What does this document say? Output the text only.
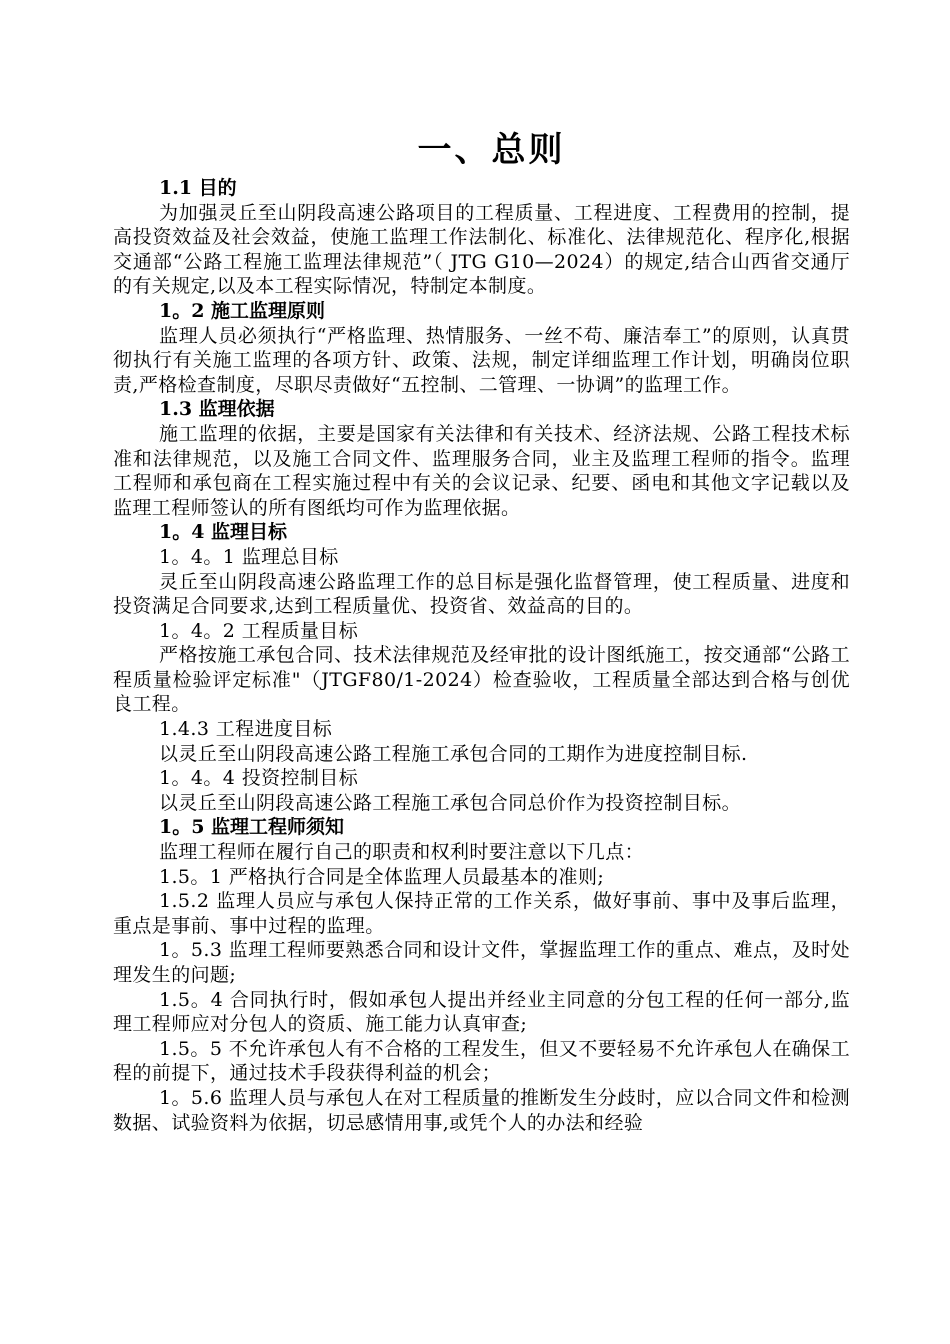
一、总则
1.1 目的
为加强灵丘至山阴段高速公路项目的工程质量、工程进度、工程费用的控制，提高投资效益及社会效益，使施工监理工作法制化、标准化、法律规范化、程序化,根据交通部“公路工程施工监理法律规范”（ JTG G10—2024）的规定,结合山西省交通厅的有关规定,以及本工程实际情况，特制定本制度。
1。2 施工监理原则
监理人员必须执行“严格监理、热情服务、一丝不苟、廉洁奉工”的原则，认真贯彻执行有关施工监理的各项方针、政策、法规，制定详细监理工作计划，明确岗位职责,严格检查制度，尽职尽责做好“五控制、二管理、一协调”的监理工作。
1.3 监理依据
施工监理的依据，主要是国家有关法律和有关技术、经济法规、公路工程技术标准和法律规范，以及施工合同文件、监理服务合同，业主及监理工程师的指令。监理工程师和承包商在工程实施过程中有关的会议记录、纪要、函电和其他文字记载以及监理工程师签认的所有图纸均可作为监理依据。
1。4 监理目标
1。4。1 监理总目标
灵丘至山阴段高速公路监理工作的总目标是强化监督管理，使工程质量、进度和投资满足合同要求,达到工程质量优、投资省、效益高的目的。
1。4。2 工程质量目标
严格按施工承包合同、技术法律规范及经审批的设计图纸施工，按交通部“公路工程质量检验评定标准"（JTGF80/1-2024）检查验收，工程质量全部达到合格与创优良工程。
1.4.3 工程进度目标
以灵丘至山阴段高速公路工程施工承包合同的工期作为进度控制目标.
1。4。4 投资控制目标
以灵丘至山阴段高速公路工程施工承包合同总价作为投资控制目标。
1。5 监理工程师须知
监理工程师在履行自己的职责和权利时要注意以下几点：
1.5。1 严格执行合同是全体监理人员最基本的准则;
1.5.2 监理人员应与承包人保持正常的工作关系，做好事前、事中及事后监理，重点是事前、事中过程的监理。
1。5.3 监理工程师要熟悉合同和设计文件，掌握监理工作的重点、难点，及时处理发生的问题;
1.5。4 合同执行时，假如承包人提出并经业主同意的分包工程的任何一部分,监理工程师应对分包人的资质、施工能力认真审查;
1.5。5 不允许承包人有不合格的工程发生，但又不要轻易不允许承包人在确保工程的前提下，通过技术手段获得利益的机会；
1。5.6 监理人员与承包人在对工程质量的推断发生分歧时，应以合同文件和检测数据、试验资料为依据，切忌感情用事,或凭个人的办法和经验
